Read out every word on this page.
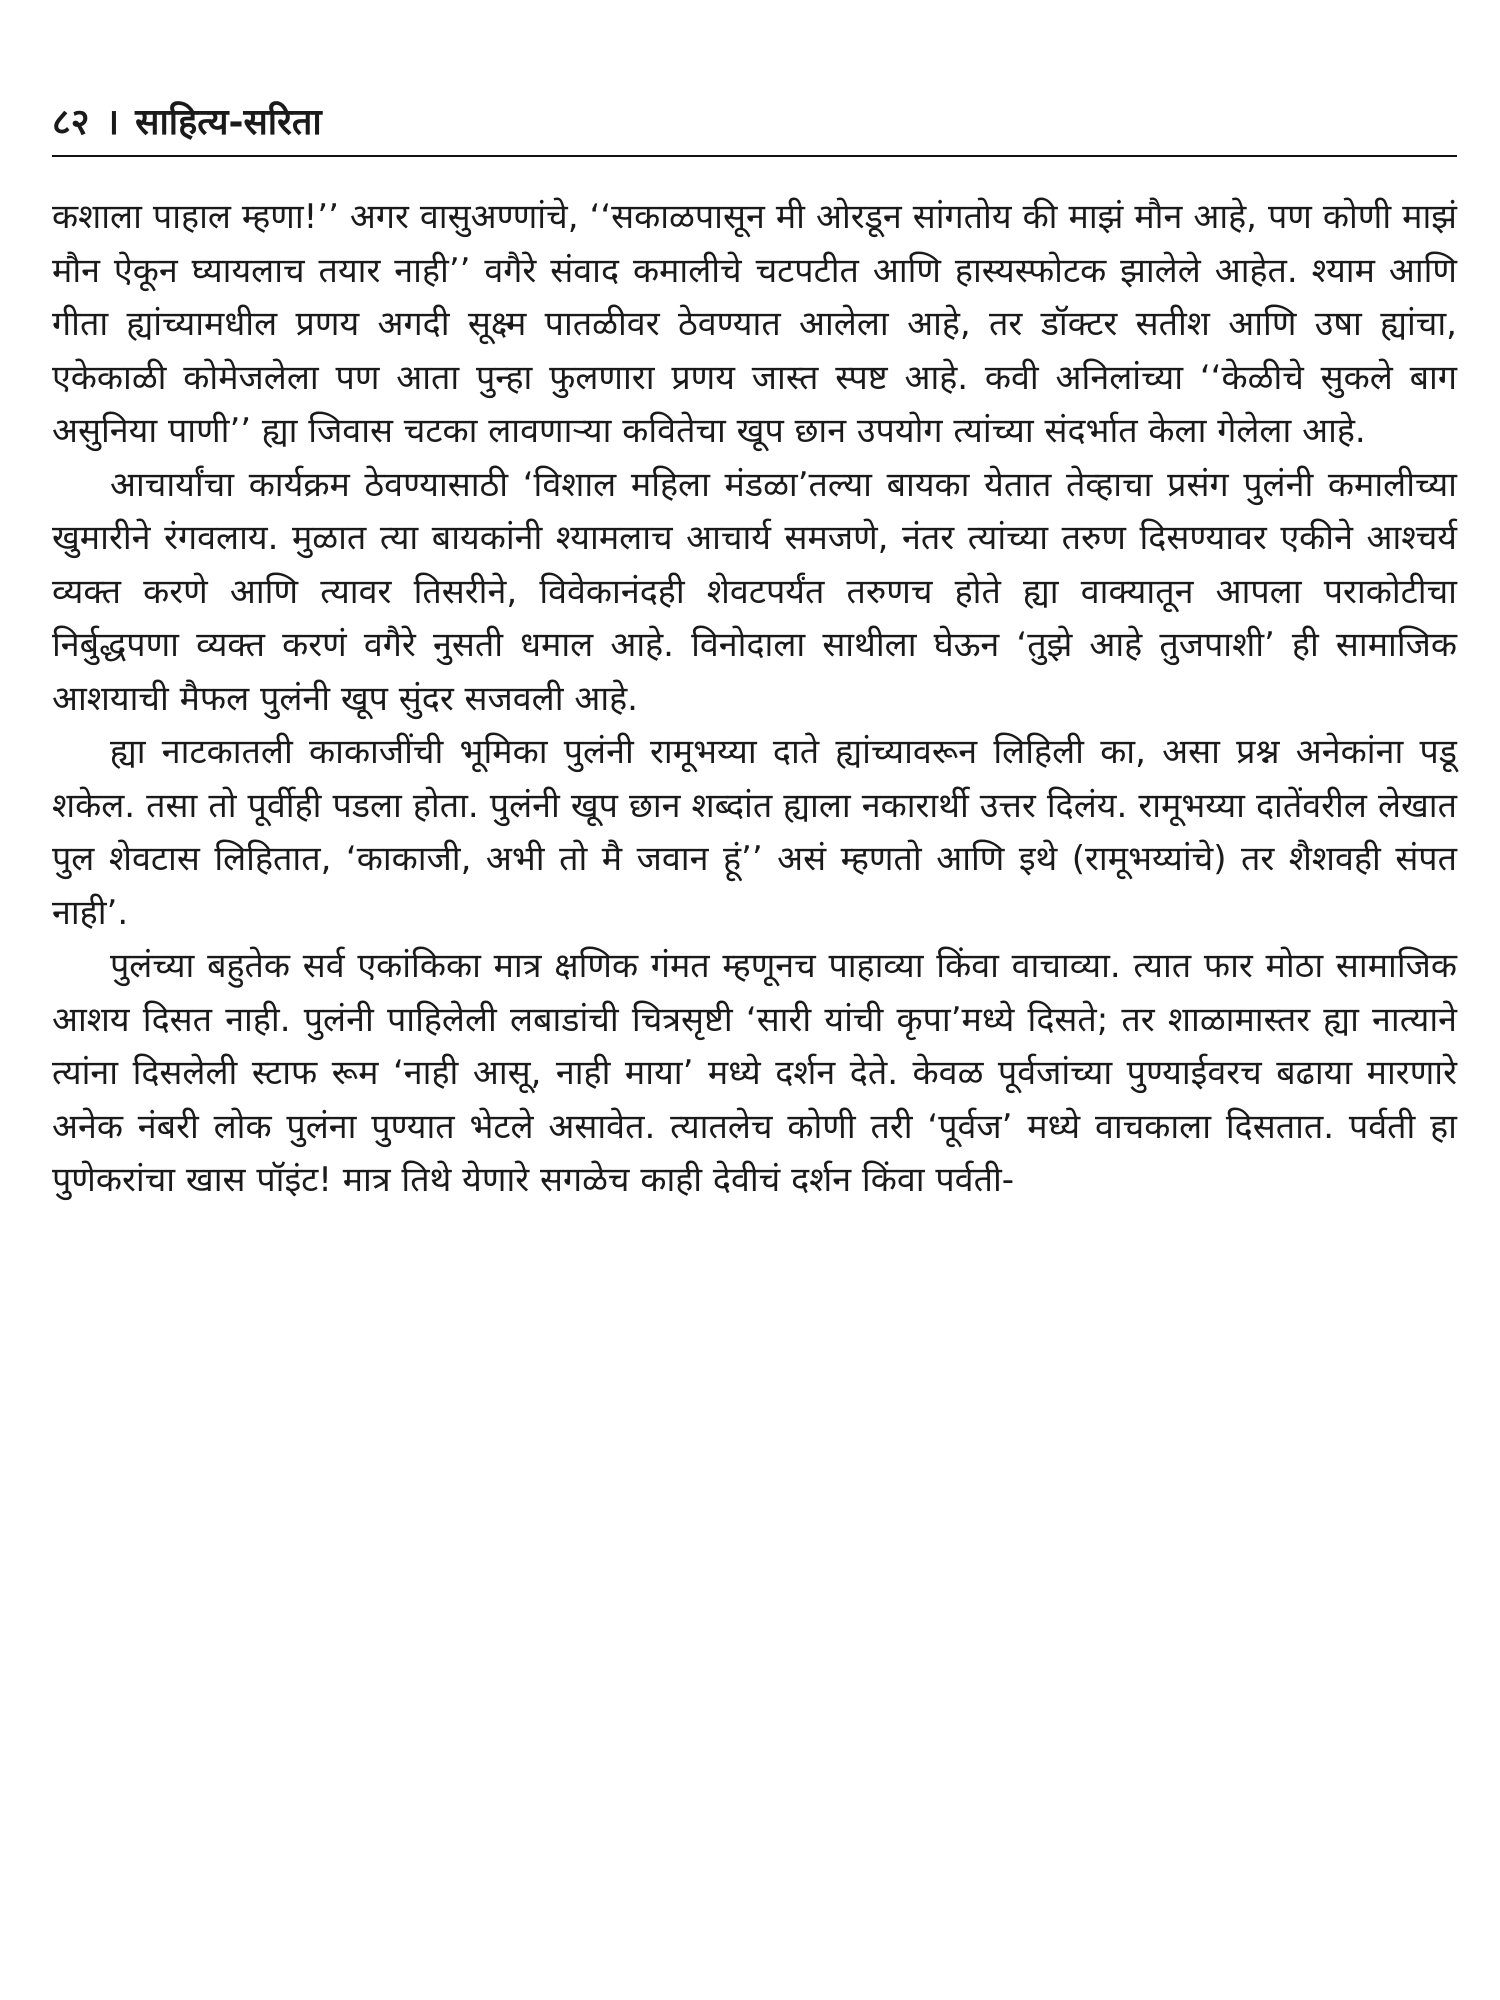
८२ । साहित्य-सरिता

कशाला पाहाल म्हणा!’’ अगर वासुअण्णांचे, ‘‘सकाळपासून मी ओरडून सांगतोय की माझं मौन आहे, पण कोणी माझं मौन ऐकून घ्यायलाच तयार नाही’’ वगैरे संवाद कमालीचे चटपटीत आणि हास्यस्फोटक झालेले आहेत. श्याम आणि गीता ह्यांच्यामधील प्रणय अगदी सूक्ष्म पातळीवर ठेवण्यात आलेला आहे, तर डॉक्टर सतीश आणि उषा ह्यांचा, एकेकाळी कोमेजलेला पण आता पुन्हा फुलणारा प्रणय जास्त स्पष्ट आहे. कवी अनिलांच्या ‘‘केळीचे सुकले बाग असुनिया पाणी’’ ह्या जिवास चटका लावणाऱ्या कवितेचा खूप छान उपयोग त्यांच्या संदर्भात केला गेलेला आहे.

आचार्यांचा कार्यक्रम ठेवण्यासाठी ‘विशाल महिला मंडळा’तल्या बायका येतात तेव्हाचा प्रसंग पुलंनी कमालीच्या खुमारीने रंगवलाय. मुळात त्या बायकांनी श्यामलाच आचार्य समजणे, नंतर त्यांच्या तरुण दिसण्यावर एकीने आश्चर्य व्यक्त करणे आणि त्यावर तिसरीने, विवेकानंदही शेवटपर्यंत तरुणच होते ह्या वाक्यातून आपला पराकोटीचा निर्बुद्धपणा व्यक्त करणं वगैरे नुसती धमाल आहे. विनोदाला साथीला घेऊन ‘तुझे आहे तुजपाशी’ ही सामाजिक आशयाची मैफल पुलंनी खूप सुंदर सजवली आहे.

ह्या नाटकातली काकाजींची भूमिका पुलंनी रामूभय्या दाते ह्यांच्यावरून लिहिली का, असा प्रश्न अनेकांना पडू शकेल. तसा तो पूर्वीही पडला होता. पुलंनी खूप छान शब्दांत ह्याला नकारार्थी उत्तर दिलंय. रामूभय्या दातेंवरील लेखात पुल शेवटास लिहितात, ‘काकाजी, अभी तो मै जवान हूं’’ असं म्हणतो आणि इथे (रामूभय्यांचे) तर शैशवही संपत नाही’.

पुलंच्या बहुतेक सर्व एकांकिका मात्र क्षणिक गंमत म्हणूनच पाहाव्या किंवा वाचाव्या. त्यात फार मोठा सामाजिक आशय दिसत नाही. पुलंनी पाहिलेली लबाडांची चित्रसृष्टी ‘सारी यांची कृपा’मध्ये दिसते; तर शाळामास्तर ह्या नात्याने त्यांना दिसलेली स्टाफ रूम ‘नाही आसू, नाही माया’ मध्ये दर्शन देते. केवळ पूर्वजांच्या पुण्याईवरच बढाया मारणारे अनेक नंबरी लोक पुलंना पुण्यात भेटले असावेत. त्यातलेच कोणी तरी ‘पूर्वज’ मध्ये वाचकाला दिसतात. पर्वती हा पुणेकरांचा खास पॉइंट! मात्र तिथे येणारे सगळेच काही देवीचं दर्शन किंवा पर्वती-
